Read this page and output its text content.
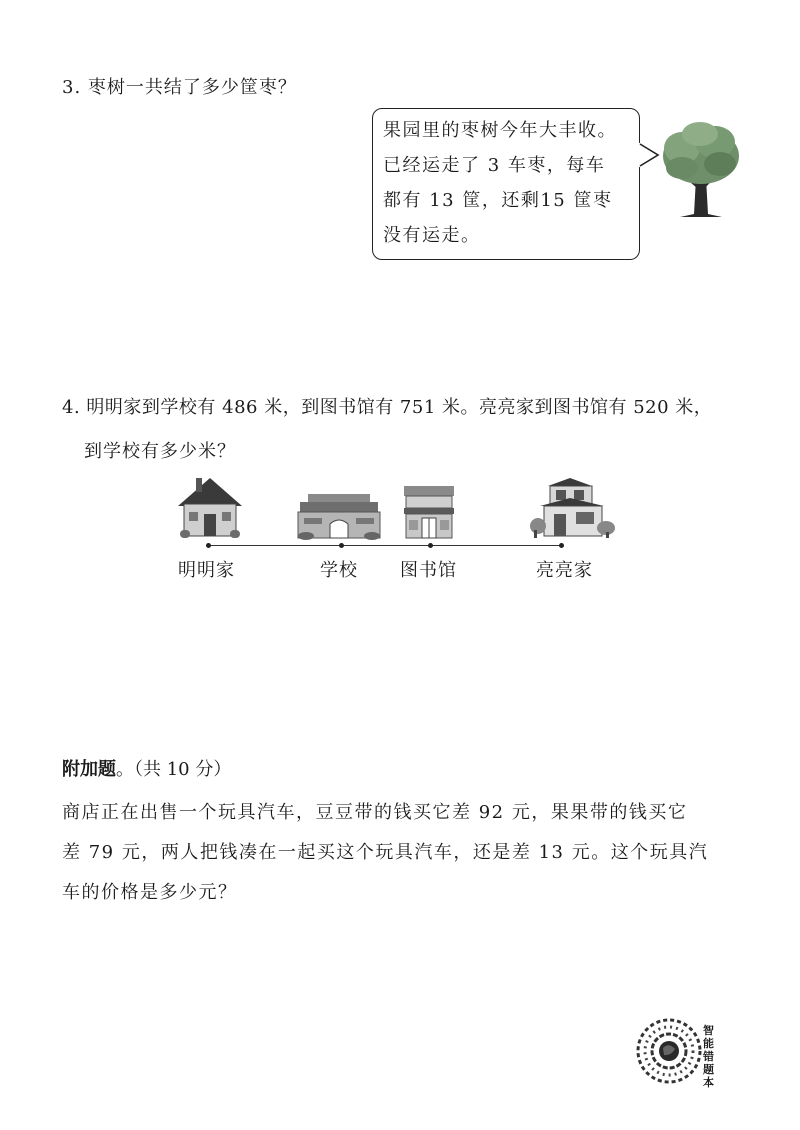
3. 枣树一共结了多少筐枣？
果园里的枣树今年大丰收。
已经运走了 3 车枣，每车
都有 13 筐，还剩15 筐枣
没有运走。
4. 明明家到学校有 486 米，到图书馆有 751 米。亮亮家到图书馆有 520 米，
到学校有多少米？
明明家	学校 图书馆	亮亮家
附加题。（共 10 分）
商店正在出售一个玩具汽车，豆豆带的钱买它差 92 元，果果带的钱买它
差 79 元，两人把钱凑在一起买这个玩具汽车，还是差 13 元。这个玩具汽
车的价格是多少元？
智能错题本
